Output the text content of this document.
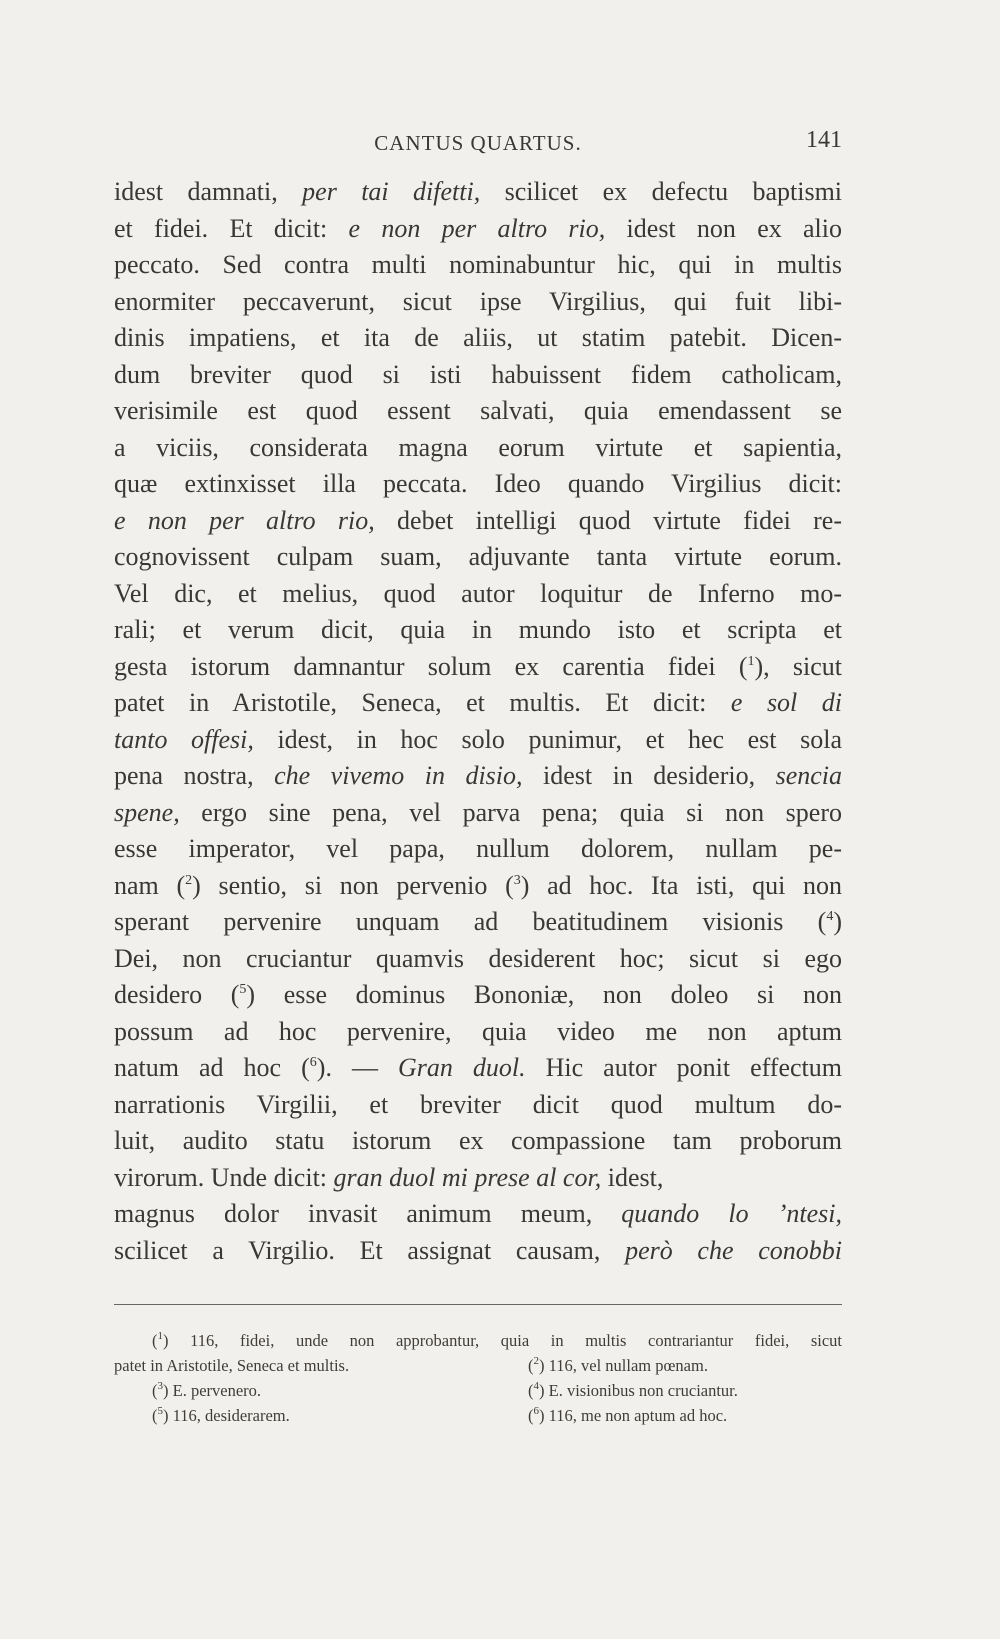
CANTUS QUARTUS.	141
idest damnati, per tai difetti, scilicet ex defectu baptismi
et fidei. Et dicit: e non per altro rio, idest non ex alio
peccato. Sed contra multi nominabuntur hic, qui in multis
enormiter peccaverunt, sicut ipse Virgilius, qui fuit libi-
dinis impatiens, et ita de aliis, ut statim patebit. Dicen-
dum breviter quod si isti habuissent fidem catholicam,
verisimile est quod essent salvati, quia emendassent se
a viciis, considerata magna eorum virtute et sapientia,
quæ extinxisset illa peccata. Ideo quando Virgilius dicit:
e non per altro rio, debet intelligi quod virtute fidei re-
cognovissent culpam suam, adjuvante tanta virtute eorum.
Vel dic, et melius, quod autor loquitur de Inferno mo-
rali; et verum dicit, quia in mundo isto et scripta et
gesta istorum damnantur solum ex carentia fidei ($^1$), sicut
patet in Aristotile, Seneca, et multis. Et dicit: e sol di
tanto offesi, idest, in hoc solo punimur, et hec est sola
pena nostra, che vivemo in disio, idest in desiderio, sencia
spene, ergo sine pena, vel parva pena; quia si non spero
esse imperator, vel papa, nullum dolorem, nullam pe-
nam ($^2$) sentio, si non pervenio ($^3$) ad hoc. Ita isti, qui non
sperant pervenire unquam ad beatitudinem visionis ($^4$)
Dei, non cruciantur quamvis desiderent hoc; sicut si ego
desidero ($^5$) esse dominus Bononiæ, non doleo si non
possum ad hoc pervenire, quia video me non aptum
natum ad hoc ($^6$). — Gran duol. Hic autor ponit effectum
narrationis Virgilii, et breviter dicit quod multum do-
luit, audito statu istorum ex compassione tam proborum
virorum. Unde dicit: gran duol mi prese al cor, idest,
magnus dolor invasit animum meum, quando lo ’ntesi,
scilicet a Virgilio. Et assignat causam, però che conobbi
($^1$) 116, fidei, unde non approbantur, quia in multis contrariantur fidei, sicut
patet in Aristotile, Seneca et multis.	($^2$) 116, vel nullam pœnam.
($^3$) E. pervenero.	($^4$) E. visionibus non cruciantur.
($^5$) 116, desiderarem.	($^6$) 116, me non aptum ad hoc.
